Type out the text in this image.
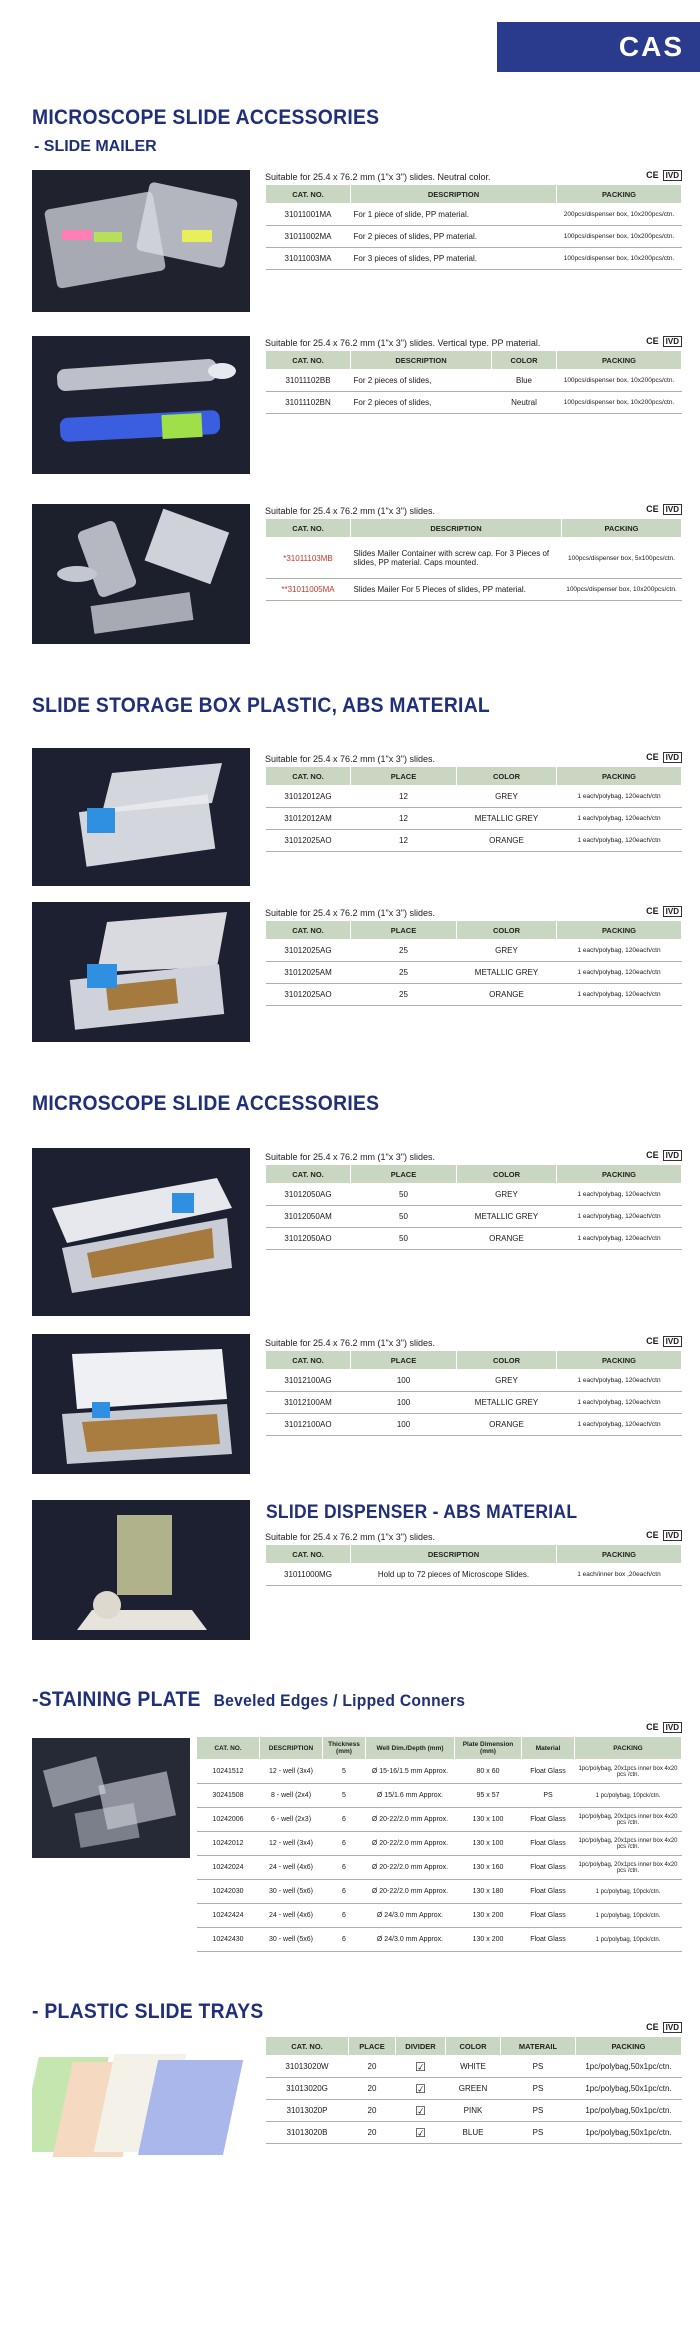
CAS
MICROSCOPE SLIDE ACCESSORIES
- SLIDE MAILER
Suitable for 25.4 x 76.2 mm (1"x 3") slides. Neutral color.	CE IVD
CAT. NO.	DESCRIPTION	PACKING
31011001MA	For 1 piece of slide, PP material.	200pcs/dispenser box, 10x200pcs/ctn.
31011002MA	For 2 pieces of slides, PP material.	100pcs/dispenser box, 10x200pcs/ctn.
31011003MA	For 3 pieces of slides, PP material.	100pcs/dispenser box, 10x200pcs/ctn.
Suitable for 25.4 x 76.2 mm (1"x 3") slides. Vertical type. PP material.	CE IVD
CAT. NO.	DESCRIPTION	COLOR	PACKING
31011102BB	For 2 pieces of slides,	Blue	100pcs/dispenser box, 10x200pcs/ctn.
31011102BN	For 2 pieces of slides,	Neutral	100pcs/dispenser box, 10x200pcs/ctn.
Suitable for 25.4 x 76.2 mm (1"x 3") slides.	CE IVD
CAT. NO.	DESCRIPTION	PACKING
*31011103MB	Slides Mailer Container with screw cap. For 3 Pieces of slides, PP material. Caps mounted.	100pcs/dispenser box, 5x100pcs/ctn.
**31011005MA	Slides Mailer For 5 Pieces of slides, PP material.	100pcs/dispenser box, 10x200pcs/ctn.
SLIDE STORAGE BOX PLASTIC, ABS MATERIAL
Suitable for 25.4 x 76.2 mm (1"x 3") slides.	CE IVD
CAT. NO.	PLACE	COLOR	PACKING
31012012AG	12	GREY	1 each/polybag, 120each/ctn
31012012AM	12	METALLIC GREY	1 each/polybag, 120each/ctn
31012025AO	12	ORANGE	1 each/polybag, 120each/ctn
Suitable for 25.4 x 76.2 mm (1"x 3") slides.	CE IVD
CAT. NO.	PLACE	COLOR	PACKING
31012025AG	25	GREY	1 each/polybag, 120each/ctn
31012025AM	25	METALLIC GREY	1 each/polybag, 120each/ctn
31012025AO	25	ORANGE	1 each/polybag, 120each/ctn
MICROSCOPE SLIDE ACCESSORIES
Suitable for 25.4 x 76.2 mm (1"x 3") slides.	CE IVD
CAT. NO.	PLACE	COLOR	PACKING
31012050AG	50	GREY	1 each/polybag, 120each/ctn
31012050AM	50	METALLIC GREY	1 each/polybag, 120each/ctn
31012050AO	50	ORANGE	1 each/polybag, 120each/ctn
Suitable for 25.4 x 76.2 mm (1"x 3") slides.	CE IVD
CAT. NO.	PLACE	COLOR	PACKING
31012100AG	100	GREY	1 each/polybag, 120each/ctn
31012100AM	100	METALLIC GREY	1 each/polybag, 120each/ctn
31012100AO	100	ORANGE	1 each/polybag, 120each/ctn
SLIDE DISPENSER - ABS MATERIAL
Suitable for 25.4 x 76.2 mm (1"x 3") slides.	CE IVD
CAT. NO.	DESCRIPTION	PACKING
31011000MG	Hold up to 72 pieces of Microscope Slides.	1 each/inner box ,20each/ctn
-STAINING PLATE Beveled Edges / Lipped Conners
CE IVD
CAT. NO.	DESCRIPTION	Thickness (mm)	Well Dim./Depth (mm)	Plate Dimension (mm)	Material	PACKING
10241512	12 - well (3x4)	5	Ø 15-16/1.5 mm Approx.	80 x 60	Float Glass	1pc/polybag, 20x1pcs inner box 4x20 pcs /ctn.
30241508	8 - well (2x4)	5	Ø 15/1.6 mm Approx.	95 x 57	PS	1 pc/polybag, 10pck/ctn.
10242006	6 - well (2x3)	6	Ø 20-22/2.0 mm Approx.	130 x 100	Float Glass	1pc/polybag, 20x1pcs inner box 4x20 pcs /ctn.
10242012	12 - well (3x4)	6	Ø 20-22/2.0 mm Approx.	130 x 100	Float Glass	1pc/polybag, 20x1pcs inner box 4x20 pcs /ctn.
10242024	24 - well (4x6)	6	Ø 20-22/2.0 mm Approx.	130 x 160	Float Glass	1pc/polybag, 20x1pcs inner box 4x20 pcs /ctn.
10242030	30 - well (5x6)	6	Ø 20-22/2.0 mm Approx.	130 x 180	Float Glass	1 pc/polybag, 10pck/ctn.
10242424	24 - well (4x6)	6	Ø 24/3.0 mm Approx.	130 x 200	Float Glass	1 pc/polybag, 10pck/ctn.
10242430	30 - well (5x6)	6	Ø 24/3.0 mm Approx.	130 x 200	Float Glass	1 pc/polybag, 10pck/ctn.
- PLASTIC SLIDE TRAYS
CE IVD
CAT. NO.	PLACE	DIVIDER	COLOR	MATERAIL	PACKING
31013020W	20	☑	WHITE	PS	1pc/polybag,50x1pc/ctn.
31013020G	20	☑	GREEN	PS	1pc/polybag,50x1pc/ctn.
31013020P	20	☑	PINK	PS	1pc/polybag,50x1pc/ctn.
31013020B	20	☑	BLUE	PS	1pc/polybag,50x1pc/ctn.
